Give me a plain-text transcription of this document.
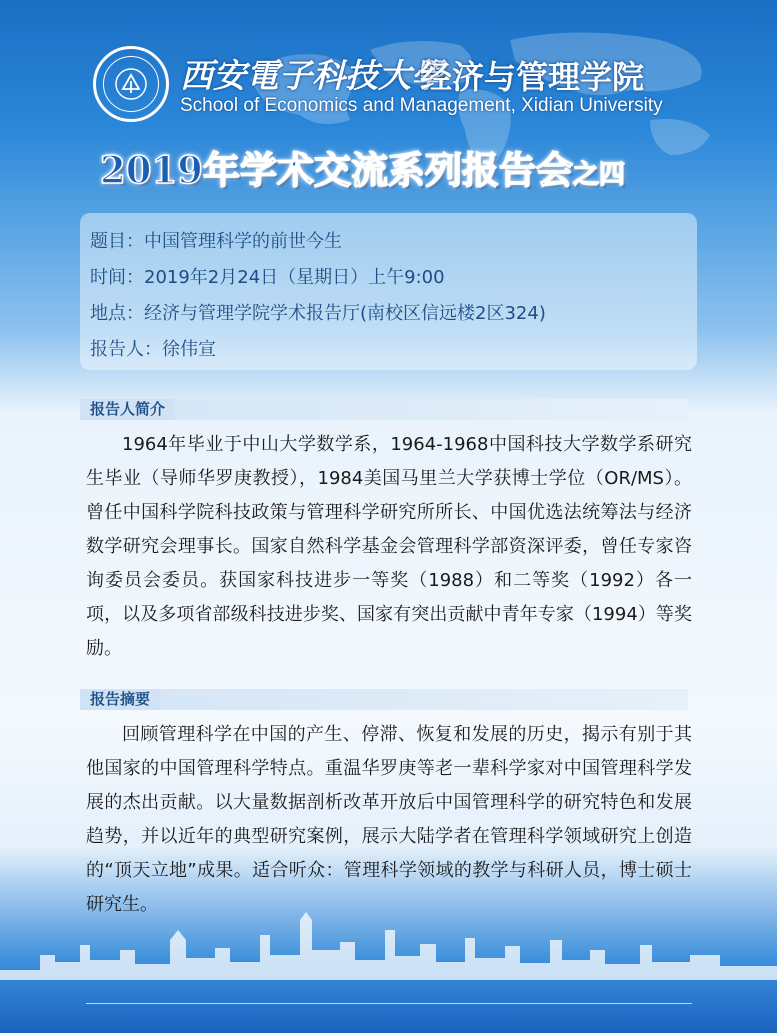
西安電子科技大學
经济与管理学院
School of Economics and Management, Xidian University
2019年学术交流系列报告会之四
题目：中国管理科学的前世今生
时间：2019年2月24日（星期日）上午9:00
地点：经济与管理学院学术报告厅(南校区信远楼2区324)
报告人：徐伟宣
报告人简介

1964年毕业于中山大学数学系，1964-1968中国科技大学数学系研究生毕业（导师华罗庚教授），1984美国马里兰大学获博士学位（OR/MS）。曾任中国科学院科技政策与管理科学研究所所长、中国优选法统筹法与经济数学研究会理事长。国家自然科学基金会管理科学部资深评委，曾任专家咨询委员会委员。获国家科技进步一等奖（1988）和二等奖（1992）各一项，以及多项省部级科技进步奖、国家有突出贡献中青年专家（1994）等奖励。

报告摘要

回顾管理科学在中国的产生、停滞、恢复和发展的历史，揭示有别于其他国家的中国管理科学特点。重温华罗庚等老一辈科学家对中国管理科学发展的杰出贡献。以大量数据剖析改革开放后中国管理科学的研究特色和发展趋势，并以近年的典型研究案例，展示大陆学者在管理科学领域研究上创造的“顶天立地”成果。适合听众：管理科学领域的教学与科研人员，博士硕士研究生。
